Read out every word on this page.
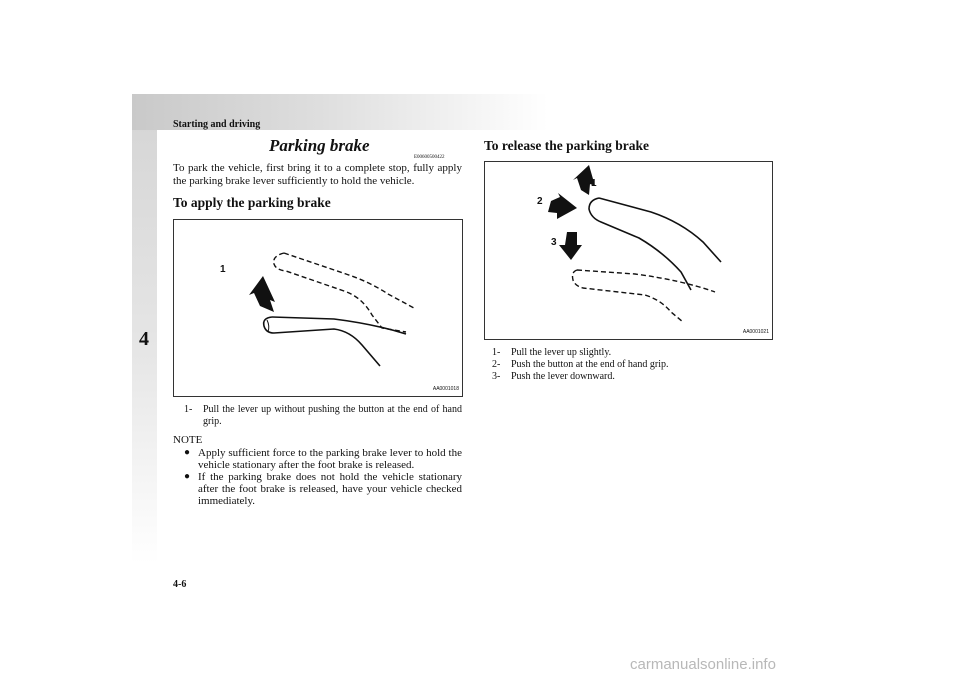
Starting and driving
4
Parking brake
E00600500422
To park the vehicle, first bring it to a complete stop, fully apply the parking brake lever sufficiently to hold the vehicle.
To apply the parking brake
1
AA0001018
1-	Pull the lever up without pushing the button at the end of hand grip.
NOTE
● Apply sufficient force to the parking brake lever to hold the vehicle stationary after the foot brake is released.
● If the parking brake does not hold the vehicle stationary after the foot brake is released, have your vehicle checked immediately.
To release the parking brake
1
2
3
AA0001021
1-	Pull the lever up slightly.
2-	Push the button at the end of hand grip.
3-	Push the lever downward.
4-6
carmanualsonline.info
